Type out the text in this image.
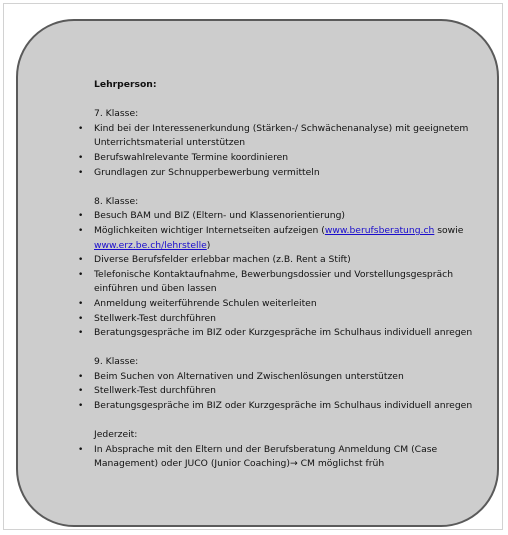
Lehrperson:
7. Klasse:
• Kind bei der Interessenerkundung (Stärken-/ Schwächenanalyse) mit geeignetem Unterrichtsmaterial unterstützen
• Berufswahlrelevante Termine koordinieren
• Grundlagen zur Schnupperbewerbung vermitteln
8. Klasse:
• Besuch BAM und BIZ (Eltern- und Klassenorientierung)
• Möglichkeiten wichtiger Internetseiten aufzeigen (www.berufsberatung.ch sowie www.erz.be.ch/lehrstelle)
• Diverse Berufsfelder erlebbar machen (z.B. Rent a Stift)
• Telefonische Kontaktaufnahme, Bewerbungsdossier und Vorstellungsgespräch einführen und üben lassen
• Anmeldung weiterführende Schulen weiterleiten
• Stellwerk-Test durchführen
• Beratungsgespräche im BIZ oder Kurzgespräche im Schulhaus individuell anregen
9. Klasse:
• Beim Suchen von Alternativen und Zwischenlösungen unterstützen
• Stellwerk-Test durchführen
• Beratungsgespräche im BIZ oder Kurzgespräche im Schulhaus individuell anregen
Jederzeit:
• In Absprache mit den Eltern und der Berufsberatung Anmeldung CM (Case Management) oder JUCO (Junior Coaching)→ CM möglichst früh
